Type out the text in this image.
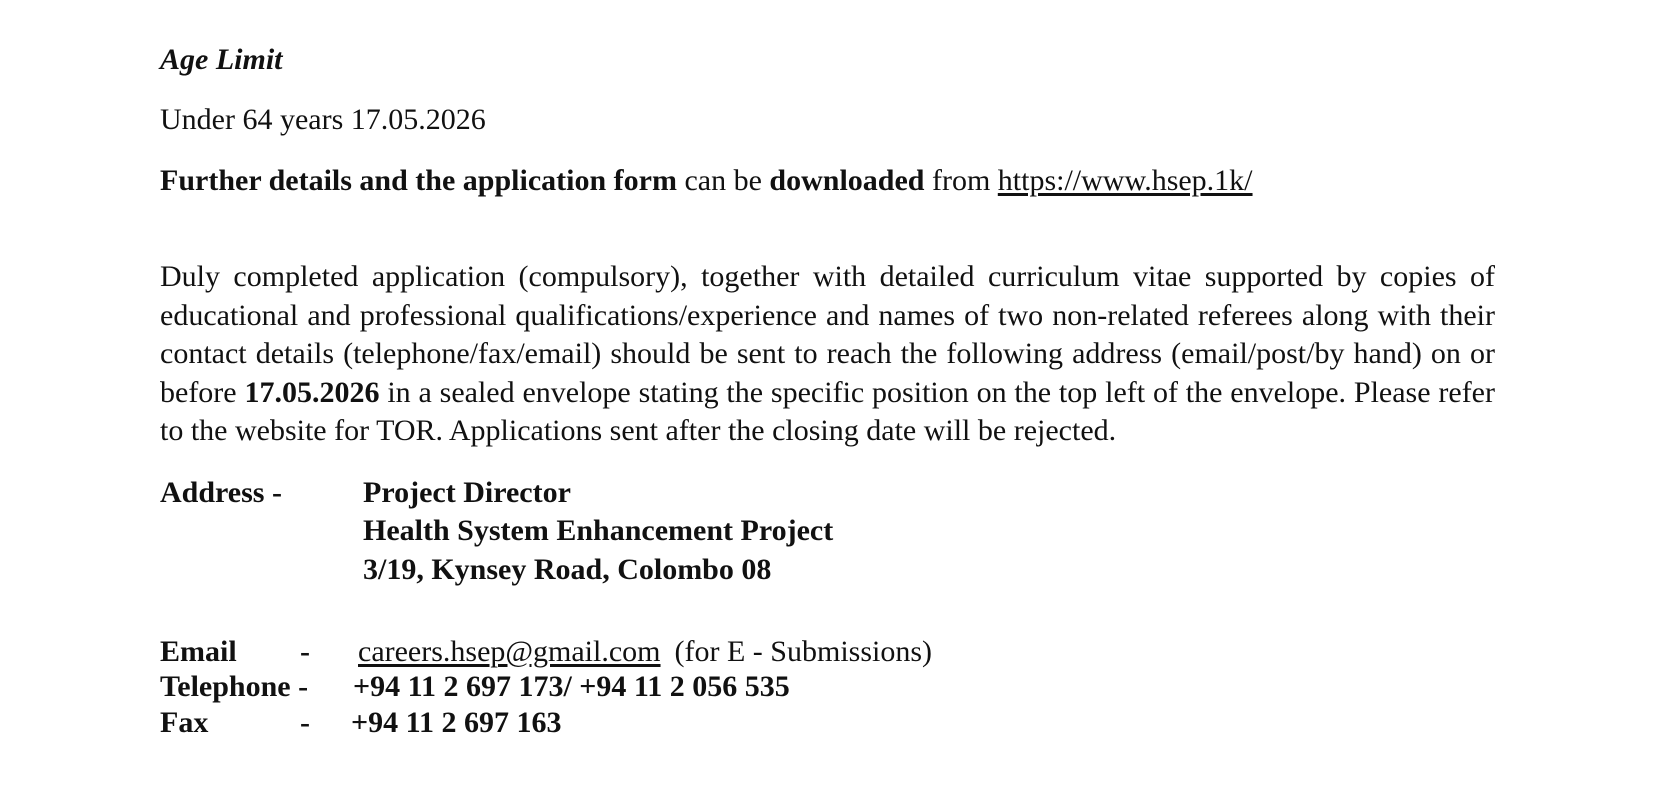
Age Limit

Under 64 years 17.05.2026

Further details and the application form can be downloaded from https://www.hsep.1k/

Duly completed application (compulsory), together with detailed curriculum vitae supported by copies of educational and professional qualifications/experience and names of two non-related referees along with their contact details (telephone/fax/email) should be sent to reach the following address (email/post/by hand) on or before 17.05.2026 in a sealed envelope stating the specific position on the top left of the envelope. Please refer to the website for TOR. Applications sent after the closing date will be rejected.

Address -	Project Director
Health System Enhancement Project
3/19, Kynsey Road, Colombo 08
Email - careers.hsep@gmail.com (for E - Submissions)
Telephone - +94 11 2 697 173/ +94 11 2 056 535
Fax	- +94 11 2 697 163
